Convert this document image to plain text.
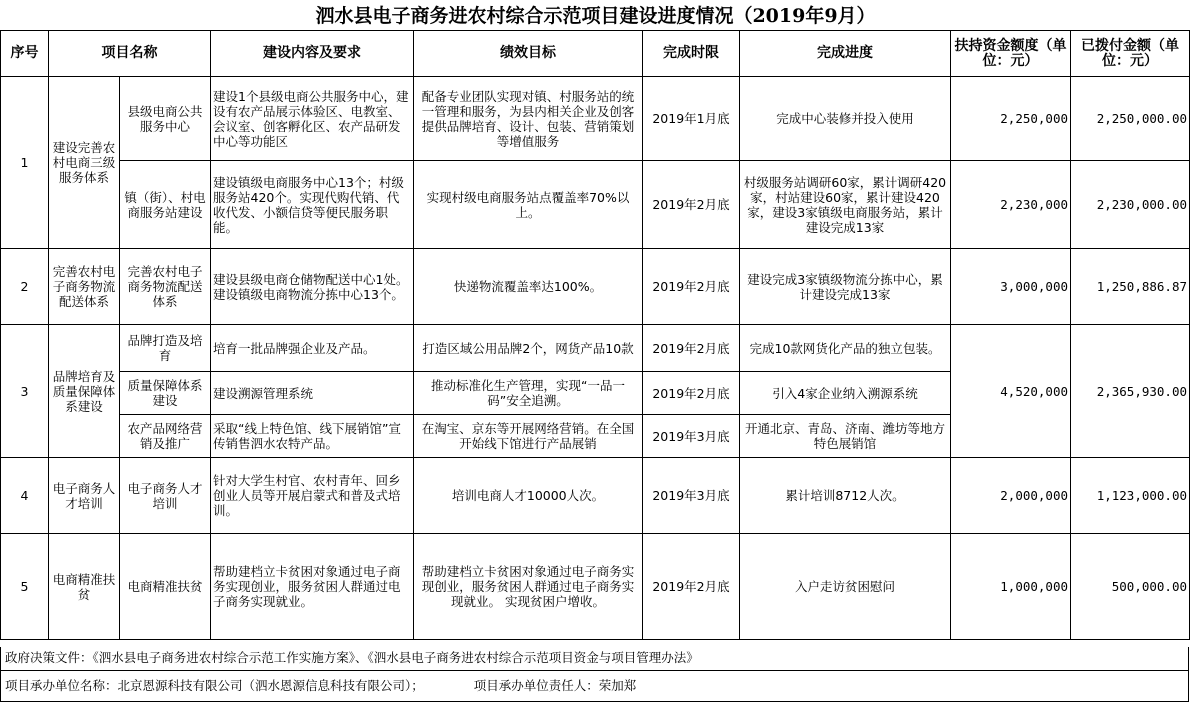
泗水县电子商务进农村综合示范项目建设进度情况（2019年9月）
序号	项目名称		建设内容及要求	绩效目标	完成时限	完成进度	扶持资金额度（单位：元）	已拨付金额（单位：元）
1	建设完善农村电商三级服务体系	县级电商公共服务中心	建设1个县级电商公共服务中心，建设有农产品展示体验区、电教室、会议室、创客孵化区、农产品研发中心等功能区	配备专业团队实现对镇、村服务站的统一管理和服务，为县内相关企业及创客提供品牌培育、设计、包装、营销策划等增值服务	2019年1月底	完成中心装修并投入使用	2,250,000	2,250,000.00
		镇（街）、村电商服务站建设	建设镇级电商服务中心13个；村级服务站420个。实现代购代销、代收代发、小额信贷等便民服务职能。	实现村级电商服务站点覆盖率70%以上。	2019年2月底	村级服务站调研60家，累计调研420家，村站建设60家，累计建设420家，建设3家镇级电商服务站，累计建设完成13家	2,230,000	2,230,000.00
2	完善农村电子商务物流配送体系	完善农村电子商务物流配送体系	建设县级电商仓储物配送中心1处。建设镇级电商物流分拣中心13个。	快递物流覆盖率达100%。	2019年2月底	建设完成3家镇级物流分拣中心，累计建设完成13家	3,000,000	1,250,886.87
3	品牌培育及质量保障体系建设	品牌打造及培育	培育一批品牌强企业及产品。	打造区域公用品牌2个，网货产品10款	2019年2月底	完成10款网货化产品的独立包装。	4,520,000	2,365,930.00
		质量保障体系建设	建设溯源管理系统	推动标准化生产管理，实现“一品一码”安全追溯。	2019年2月底	引入4家企业纳入溯源系统		
		农产品网络营销及推广	采取“线上特色馆、线下展销馆”宣传销售泗水农特产品。	在淘宝、京东等开展网络营销。在全国开始线下馆进行产品展销	2019年3月底	开通北京、青岛、济南、潍坊等地方特色展销馆		
4	电子商务人才培训	电子商务人才培训	针对大学生村官、农村青年、回乡创业人员等开展启蒙式和普及式培训。	培训电商人才10000人次。	2019年3月底	累计培训8712人次。	2,000,000	1,123,000.00
5	电商精准扶贫	电商精准扶贫	帮助建档立卡贫困对象通过电子商务实现创业，服务贫困人群通过电子商务实现就业。	帮助建档立卡贫困对象通过电子商务实现创业，服务贫困人群通过电子商务实现就业。 实现贫困户增收。	2019年2月底	入户走访贫困慰问	1,000,000	500,000.00
政府决策文件：《泗水县电子商务进农村综合示范工作实施方案》、《泗水县电子商务进农村综合示范项目资金与项目管理办法》
项目承办单位名称：北京恩源科技有限公司（泗水恩源信息科技有限公司）；	项目承办单位责任人：荣加郑
